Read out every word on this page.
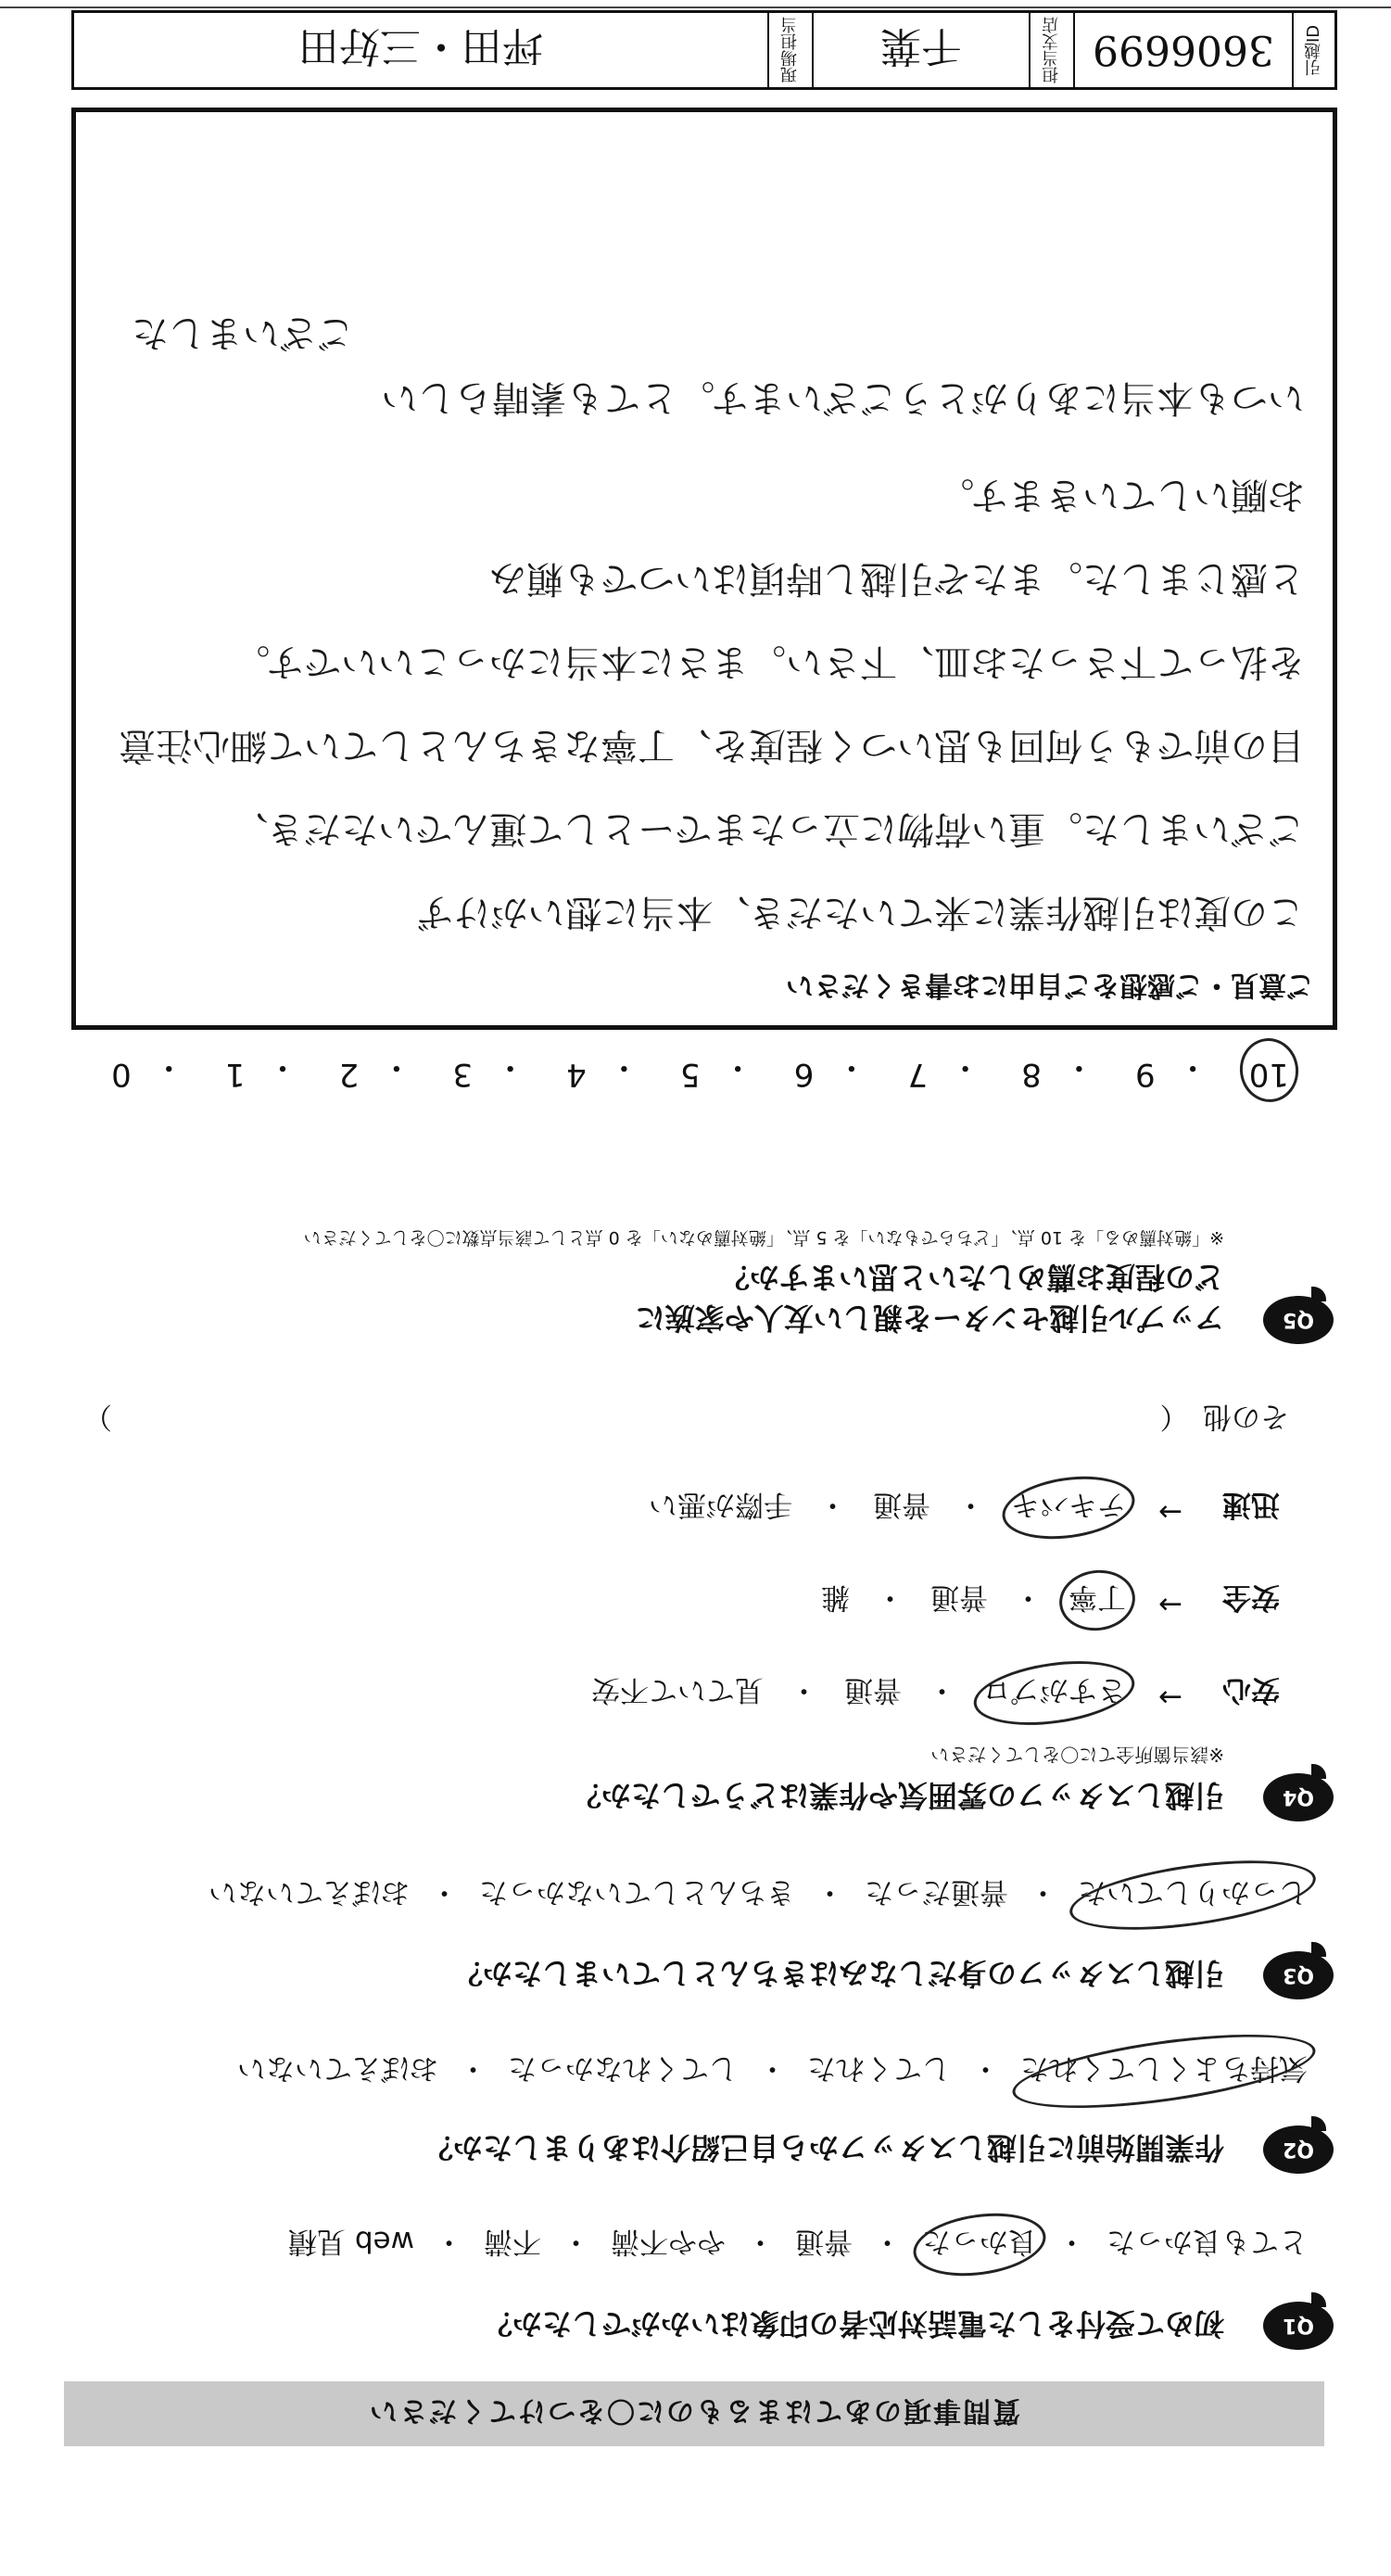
質問事項のあてはまるものに〇をつけてください
Q1
初めて受付をした電話対応者の印象はいかがでしたか？
とても良かった
・
良かった
・
普通
・
やや不満
・
不満
・
web 見積
Q2
作業開始前に引越しスタッフから自己紹介はありましたか？
気持ちよくしてくれた
・
してくれた
・
してくれなかった
・
おぼえていない
Q3
引越しスタッフの身だしなみはきちんとしていましたか？
しっかりしていた
・
普通だった
・
きちんとしていなかった
・
おぼえていない
Q4
引越しスタッフの雰囲気や作業はどうでしたか？
※該当箇所全てに〇をしてください
安心
→
さすがプロ
・
普通
・
見ていて不安
安全
→
丁寧
・
普通
・
雑
迅速
→
テキパキ
・
普通
・
手際が悪い
その他　（
）
Q5
アップル引越センターを親しい友人や家族に
どの程度お薦めしたいと思いますか？
※「絶対薦める」を 10 点、「どちらでもない」を 5 点、「絶対薦めない」を 0 点として該当点数に〇をしてください
10
・
9
・
8
・
7
・
6
・
5
・
4
・
3
・
2
・
1
・
0
ご意見・ご感想をご自由にお書きください
この度は引越作業に来ていただき、本当に想いがけず
ございました。重い荷物に立ったまでーとして運んでいただき、
目の前でもう何回も思いつく程度を、丁寧なきちんとしていて細心注意
を払って下さったお皿、下さい。まさに本当にかっこいいです。
と感じました。またぞ引越し時頃はいつでも頼み
お願いしていきます。
いつも本当にありがとうございます。とても素晴らしい
ございました
引越ID
3606699
担当支店
千葉
現場担当
坪田・三好田
